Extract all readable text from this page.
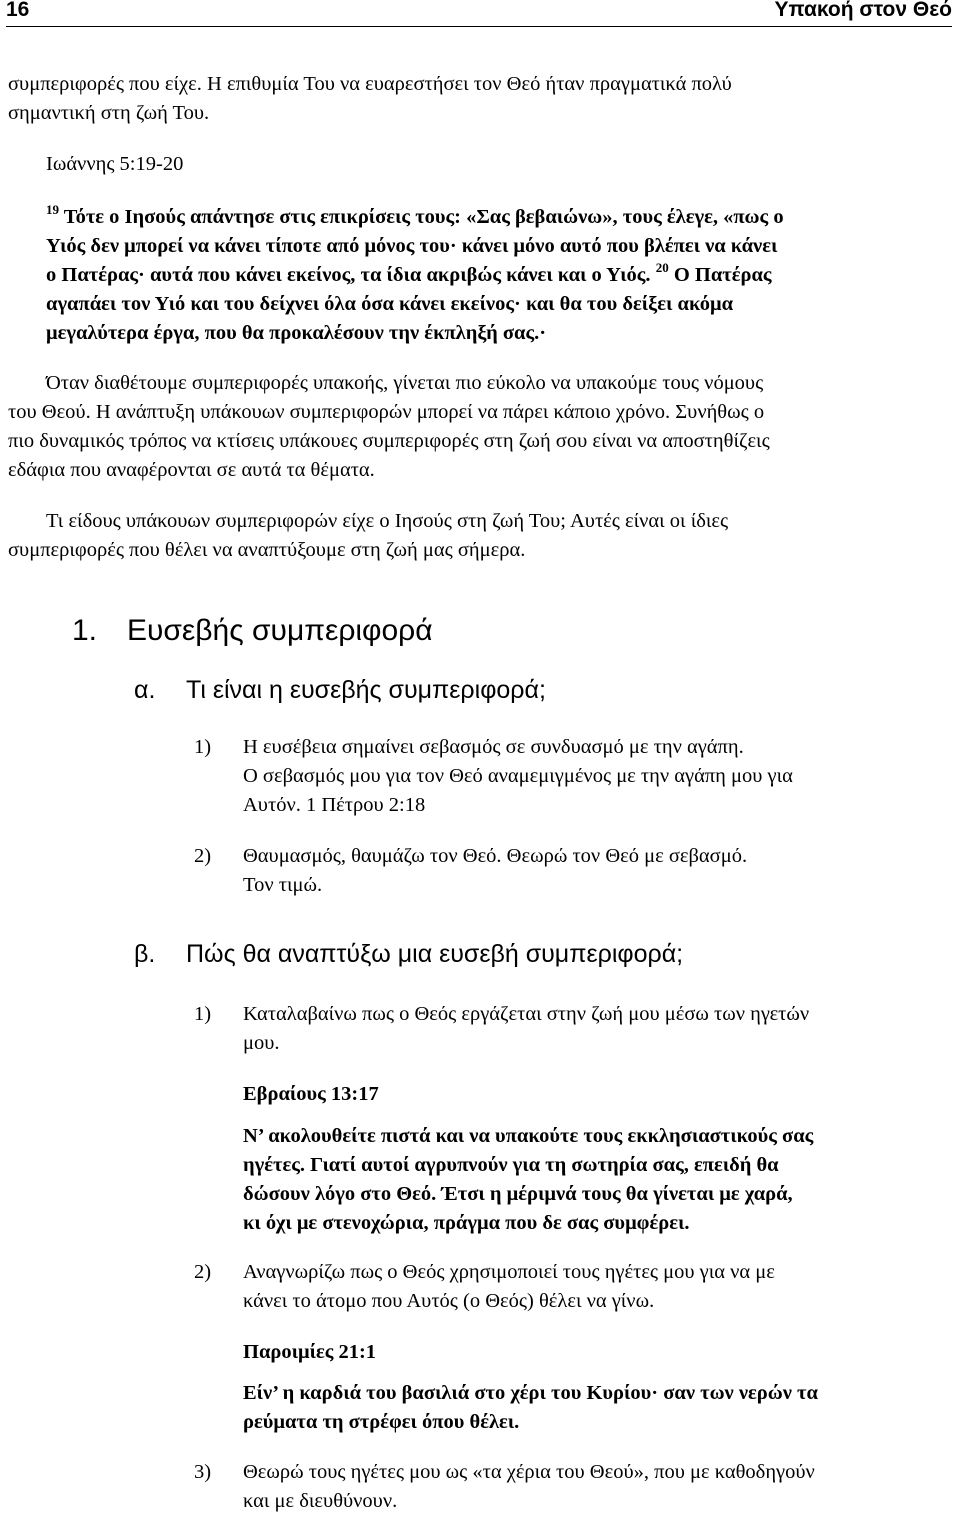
16	Υπακοή στον Θεό
συμπεριφορές που είχε. Η επιθυμία Του να ευαρεστήσει τον Θεό ήταν πραγματικά πολύ
σημαντική στη ζωή Του.
Ιωάννης 5:19-20
$^{19}$ Τότε ο Ιησούς απάντησε στις επικρίσεις τους: «Σας βεβαιώνω», τους έλεγε, «πως ο
Υιός δεν μπορεί να κάνει τίποτε από μόνος του· κάνει μόνο αυτό που βλέπει να κάνει
ο Πατέρας· αυτά που κάνει εκείνος, τα ίδια ακριβώς κάνει και ο Υιός. $^{20}$ Ο Πατέρας
αγαπάει τον Υιό και του δείχνει όλα όσα κάνει εκείνος· και θα του δείξει ακόμα
μεγαλύτερα έργα, που θα προκαλέσουν την έκπληξή σας.·
Όταν διαθέτουμε συμπεριφορές υπακοής, γίνεται πιο εύκολο να υπακούμε τους νόμους
του Θεού. Η ανάπτυξη υπάκουων συμπεριφορών μπορεί να πάρει κάποιο χρόνο. Συνήθως ο
πιο δυναμικός τρόπος να κτίσεις υπάκουες συμπεριφορές στη ζωή σου είναι να αποστηθίζεις
εδάφια που αναφέρονται σε αυτά τα θέματα.
Τι είδους υπάκουων συμπεριφορών είχε ο Ιησούς στη ζωή Του; Αυτές είναι οι ίδιες
συμπεριφορές που θέλει να αναπτύξουμε στη ζωή μας σήμερα.
1. Ευσεβής συμπεριφορά
α. Τι είναι η ευσεβής συμπεριφορά;
1) Η ευσέβεια σημαίνει σεβασμός σε συνδυασμό με την αγάπη.
Ο σεβασμός μου για τον Θεό αναμεμιγμένος με την αγάπη μου για
Αυτόν. 1 Πέτρου 2:18
2) Θαυμασμός, θαυμάζω τον Θεό. Θεωρώ τον Θεό με σεβασμό.
Τον τιμώ.
β. Πώς θα αναπτύξω μια ευσεβή συμπεριφορά;
1) Καταλαβαίνω πως ο Θεός εργάζεται στην ζωή μου μέσω των ηγετών
μου.
Εβραίους 13:17
Ν’ ακολουθείτε πιστά και να υπακούτε τους εκκλησιαστικούς σας
ηγέτες. Γιατί αυτοί αγρυπνούν για τη σωτηρία σας, επειδή θα
δώσουν λόγο στο Θεό. Έτσι η μέριμνά τους θα γίνεται με χαρά,
κι όχι με στενοχώρια, πράγμα που δε σας συμφέρει.
2) Αναγνωρίζω πως ο Θεός χρησιμοποιεί τους ηγέτες μου για να με
κάνει το άτομο που Αυτός (ο Θεός) θέλει να γίνω.
Παροιμίες 21:1
Είν’ η καρδιά του βασιλιά στο χέρι του Κυρίου· σαν των νερών τα
ρεύματα τη στρέφει όπου θέλει.
3) Θεωρώ τους ηγέτες μου ως «τα χέρια του Θεού», που με καθοδηγούν
και με διευθύνουν.
